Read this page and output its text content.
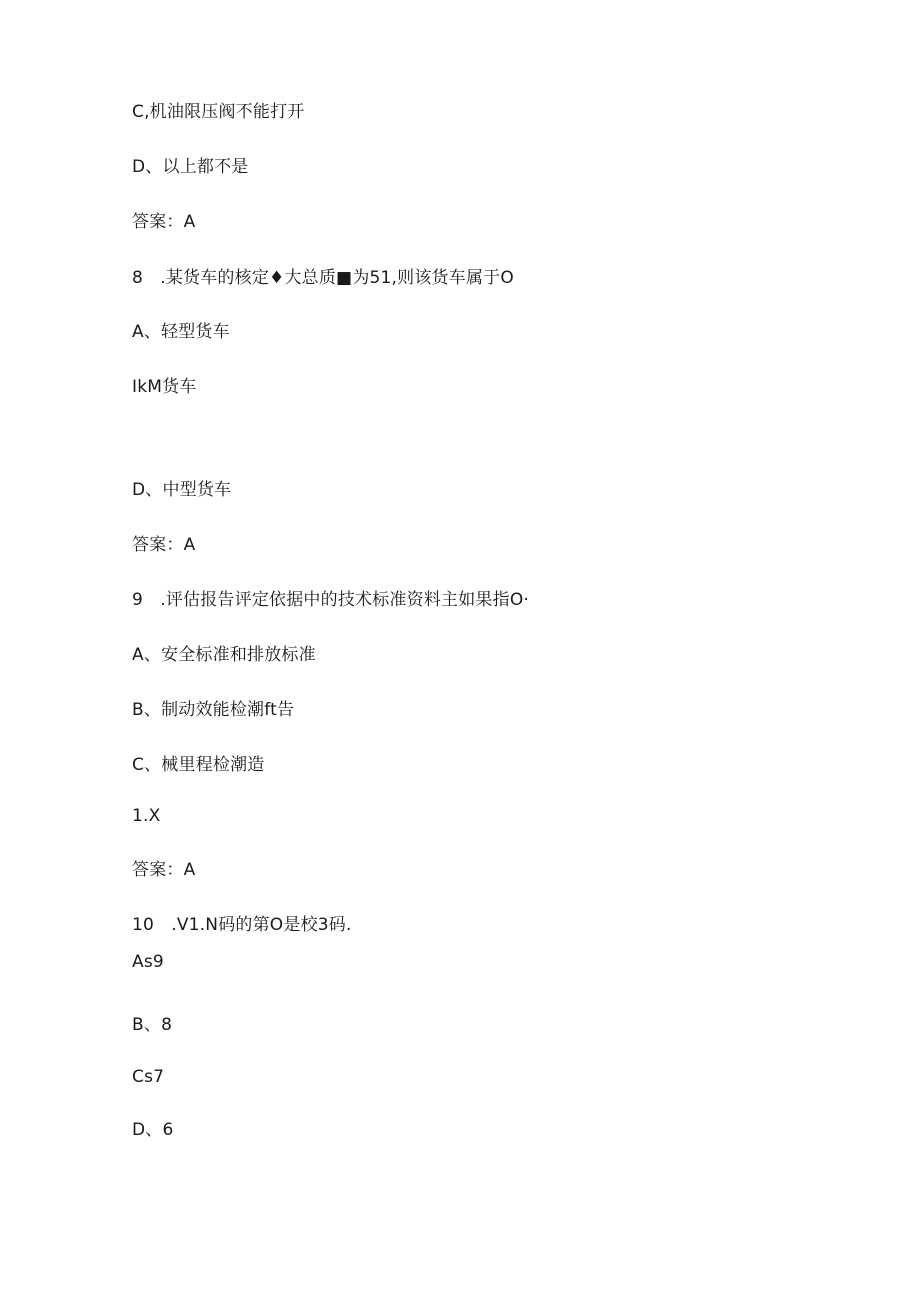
C,机油限压阀不能打开
D、以上都不是
答案：A
8　.某货车的核定♦大总质■为51,则该货车属于O
A、轻型货车
IkM货车
D、中型货车
答案：A
9　.评估报告评定依据中的技术标准资料主如果指O·
A、安全标准和排放标准
B、制动效能检潮ft告
C、械里程检潮造
1.X
答案：A
10　.V1.N码的第O是校3码.
As9
B、8
Cs7
D、6
